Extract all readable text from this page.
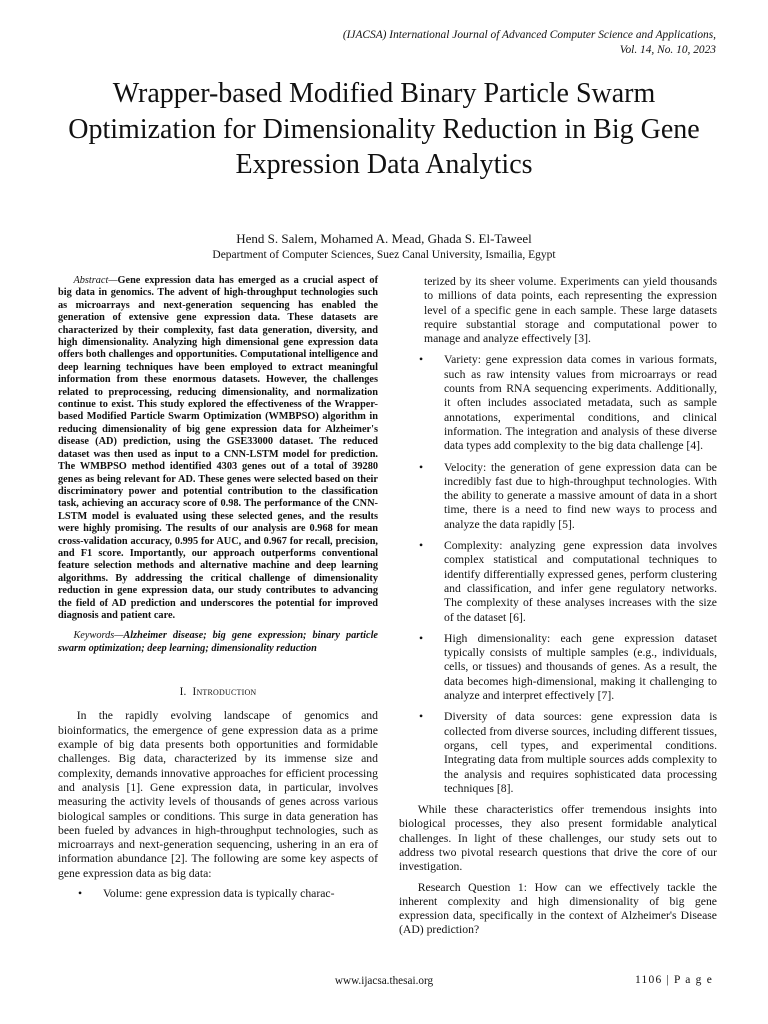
(IJACSA) International Journal of Advanced Computer Science and Applications,
Vol. 14, No. 10, 2023
Wrapper-based Modified Binary Particle Swarm Optimization for Dimensionality Reduction in Big Gene Expression Data Analytics
Hend S. Salem, Mohamed A. Mead, Ghada S. El-Taweel
Department of Computer Sciences, Suez Canal University, Ismailia, Egypt

Abstract—Gene expression data has emerged as a crucial aspect of big data in genomics. The advent of high-throughput technologies such as microarrays and next-generation sequencing has enabled the generation of extensive gene expression data. These datasets are characterized by their complexity, fast data generation, diversity, and high dimensionality. Analyzing high dimensional gene expression data offers both challenges and opportunities. Computational intelligence and deep learning techniques have been employed to extract meaningful information from these enormous datasets. However, the challenges related to preprocessing, reducing dimensionality, and normalization continue to exist. This study explored the effectiveness of the Wrapper-based Modified Particle Swarm Optimization (WMBPSO) algorithm in reducing dimensionality of big gene expression data for Alzheimer's disease (AD) prediction, using the GSE33000 dataset. The reduced dataset was then used as input to a CNN-LSTM model for prediction. The WMBPSO method identified 4303 genes out of a total of 39280 genes as being relevant for AD. These genes were selected based on their discriminatory power and potential contribution to the classification task, achieving an accuracy score of 0.98. The performance of the CNN-LSTM model is evaluated using these selected genes, and the results were highly promising. The results of our analysis are 0.968 for mean cross-validation accuracy, 0.995 for AUC, and 0.967 for recall, precision, and F1 score. Importantly, our approach outperforms conventional feature selection methods and alternative machine and deep learning algorithms. By addressing the critical challenge of dimensionality reduction in gene expression data, our study contributes to advancing the field of AD prediction and underscores the potential for improved diagnosis and patient care.

Keywords—Alzheimer disease; big gene expression; binary particle swarm optimization; deep learning; dimensionality reduction

I. Introduction

In the rapidly evolving landscape of genomics and bioinformatics, the emergence of gene expression data as a prime example of big data presents both opportunities and formidable challenges. Big data, characterized by its immense size and complexity, demands innovative approaches for efficient processing and analysis [1]. Gene expression data, in particular, involves measuring the activity levels of thousands of genes across various biological samples or conditions. This surge in data generation has been fueled by advances in high-throughput technologies, such as microarrays and next-generation sequencing, ushering in an era of information abundance [2]. The following are some key aspects of gene expression data as big data:

• Volume: gene expression data is typically charac-

terized by its sheer volume. Experiments can yield thousands to millions of data points, each representing the expression level of a specific gene in each sample. These large datasets require substantial storage and computational power to manage and analyze effectively [3].

• Variety: gene expression data comes in various formats, such as raw intensity values from microarrays or read counts from RNA sequencing experiments. Additionally, it often includes associated metadata, such as sample annotations, experimental conditions, and clinical information. The integration and analysis of these diverse data types add complexity to the big data challenge [4].
• Velocity: the generation of gene expression data can be incredibly fast due to high-throughput technologies. With the ability to generate a massive amount of data in a short time, there is a need to find new ways to process and analyze the data rapidly [5].
• Complexity: analyzing gene expression data involves complex statistical and computational techniques to identify differentially expressed genes, perform clustering and classification, and infer gene regulatory networks. The complexity of these analyses increases with the size of the dataset [6].
• High dimensionality: each gene expression dataset typically consists of multiple samples (e.g., individuals, cells, or tissues) and thousands of genes. As a result, the data becomes high-dimensional, making it challenging to analyze and interpret effectively [7].
• Diversity of data sources: gene expression data is collected from diverse sources, including different tissues, organs, cell types, and experimental conditions. Integrating data from multiple sources adds complexity to the analysis and requires sophisticated data processing techniques [8].

While these characteristics offer tremendous insights into biological processes, they also present formidable analytical challenges. In light of these challenges, our study sets out to address two pivotal research questions that drive the core of our investigation.

Research Question 1: How can we effectively tackle the inherent complexity and high dimensionality of big gene expression data, specifically in the context of Alzheimer's Disease (AD) prediction?

www.ijacsa.thesai.org	1106 | P a g e
